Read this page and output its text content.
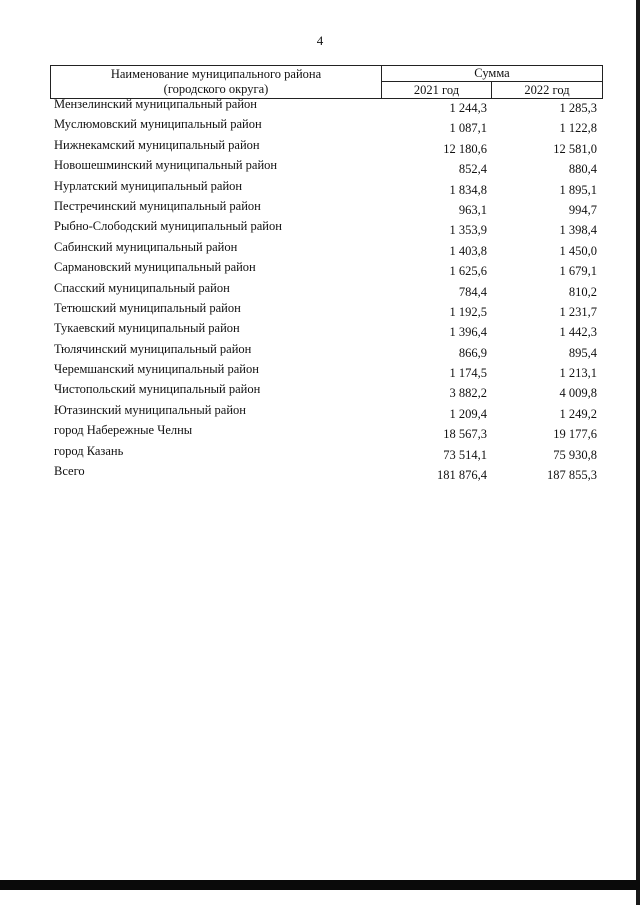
4
Наименование муниципального района
(городского округа)
Сумма
2021 год	2022 год
Мензелинский муниципальный район	1 244,3	1 285,3
Муслюмовский муниципальный район	1 087,1	1 122,8
Нижнекамский муниципальный район	12 180,6	12 581,0
Новошешминский муниципальный район	852,4	880,4
Нурлатский муниципальный район	1 834,8	1 895,1
Пестречинский муниципальный район	963,1	994,7
Рыбно-Слободский муниципальный район	1 353,9	1 398,4
Сабинский муниципальный район	1 403,8	1 450,0
Сармановский муниципальный район	1 625,6	1 679,1
Спасский муниципальный район	784,4	810,2
Тетюшский муниципальный район	1 192,5	1 231,7
Тукаевский муниципальный район	1 396,4	1 442,3
Тюлячинский муниципальный район	866,9	895,4
Черемшанский муниципальный район	1 174,5	1 213,1
Чистопольский муниципальный район	3 882,2	4 009,8
Ютазинский муниципальный район	1 209,4	1 249,2
город Набережные Челны	18 567,3	19 177,6
город Казань	73 514,1	75 930,8
Всего	181 876,4	187 855,3
